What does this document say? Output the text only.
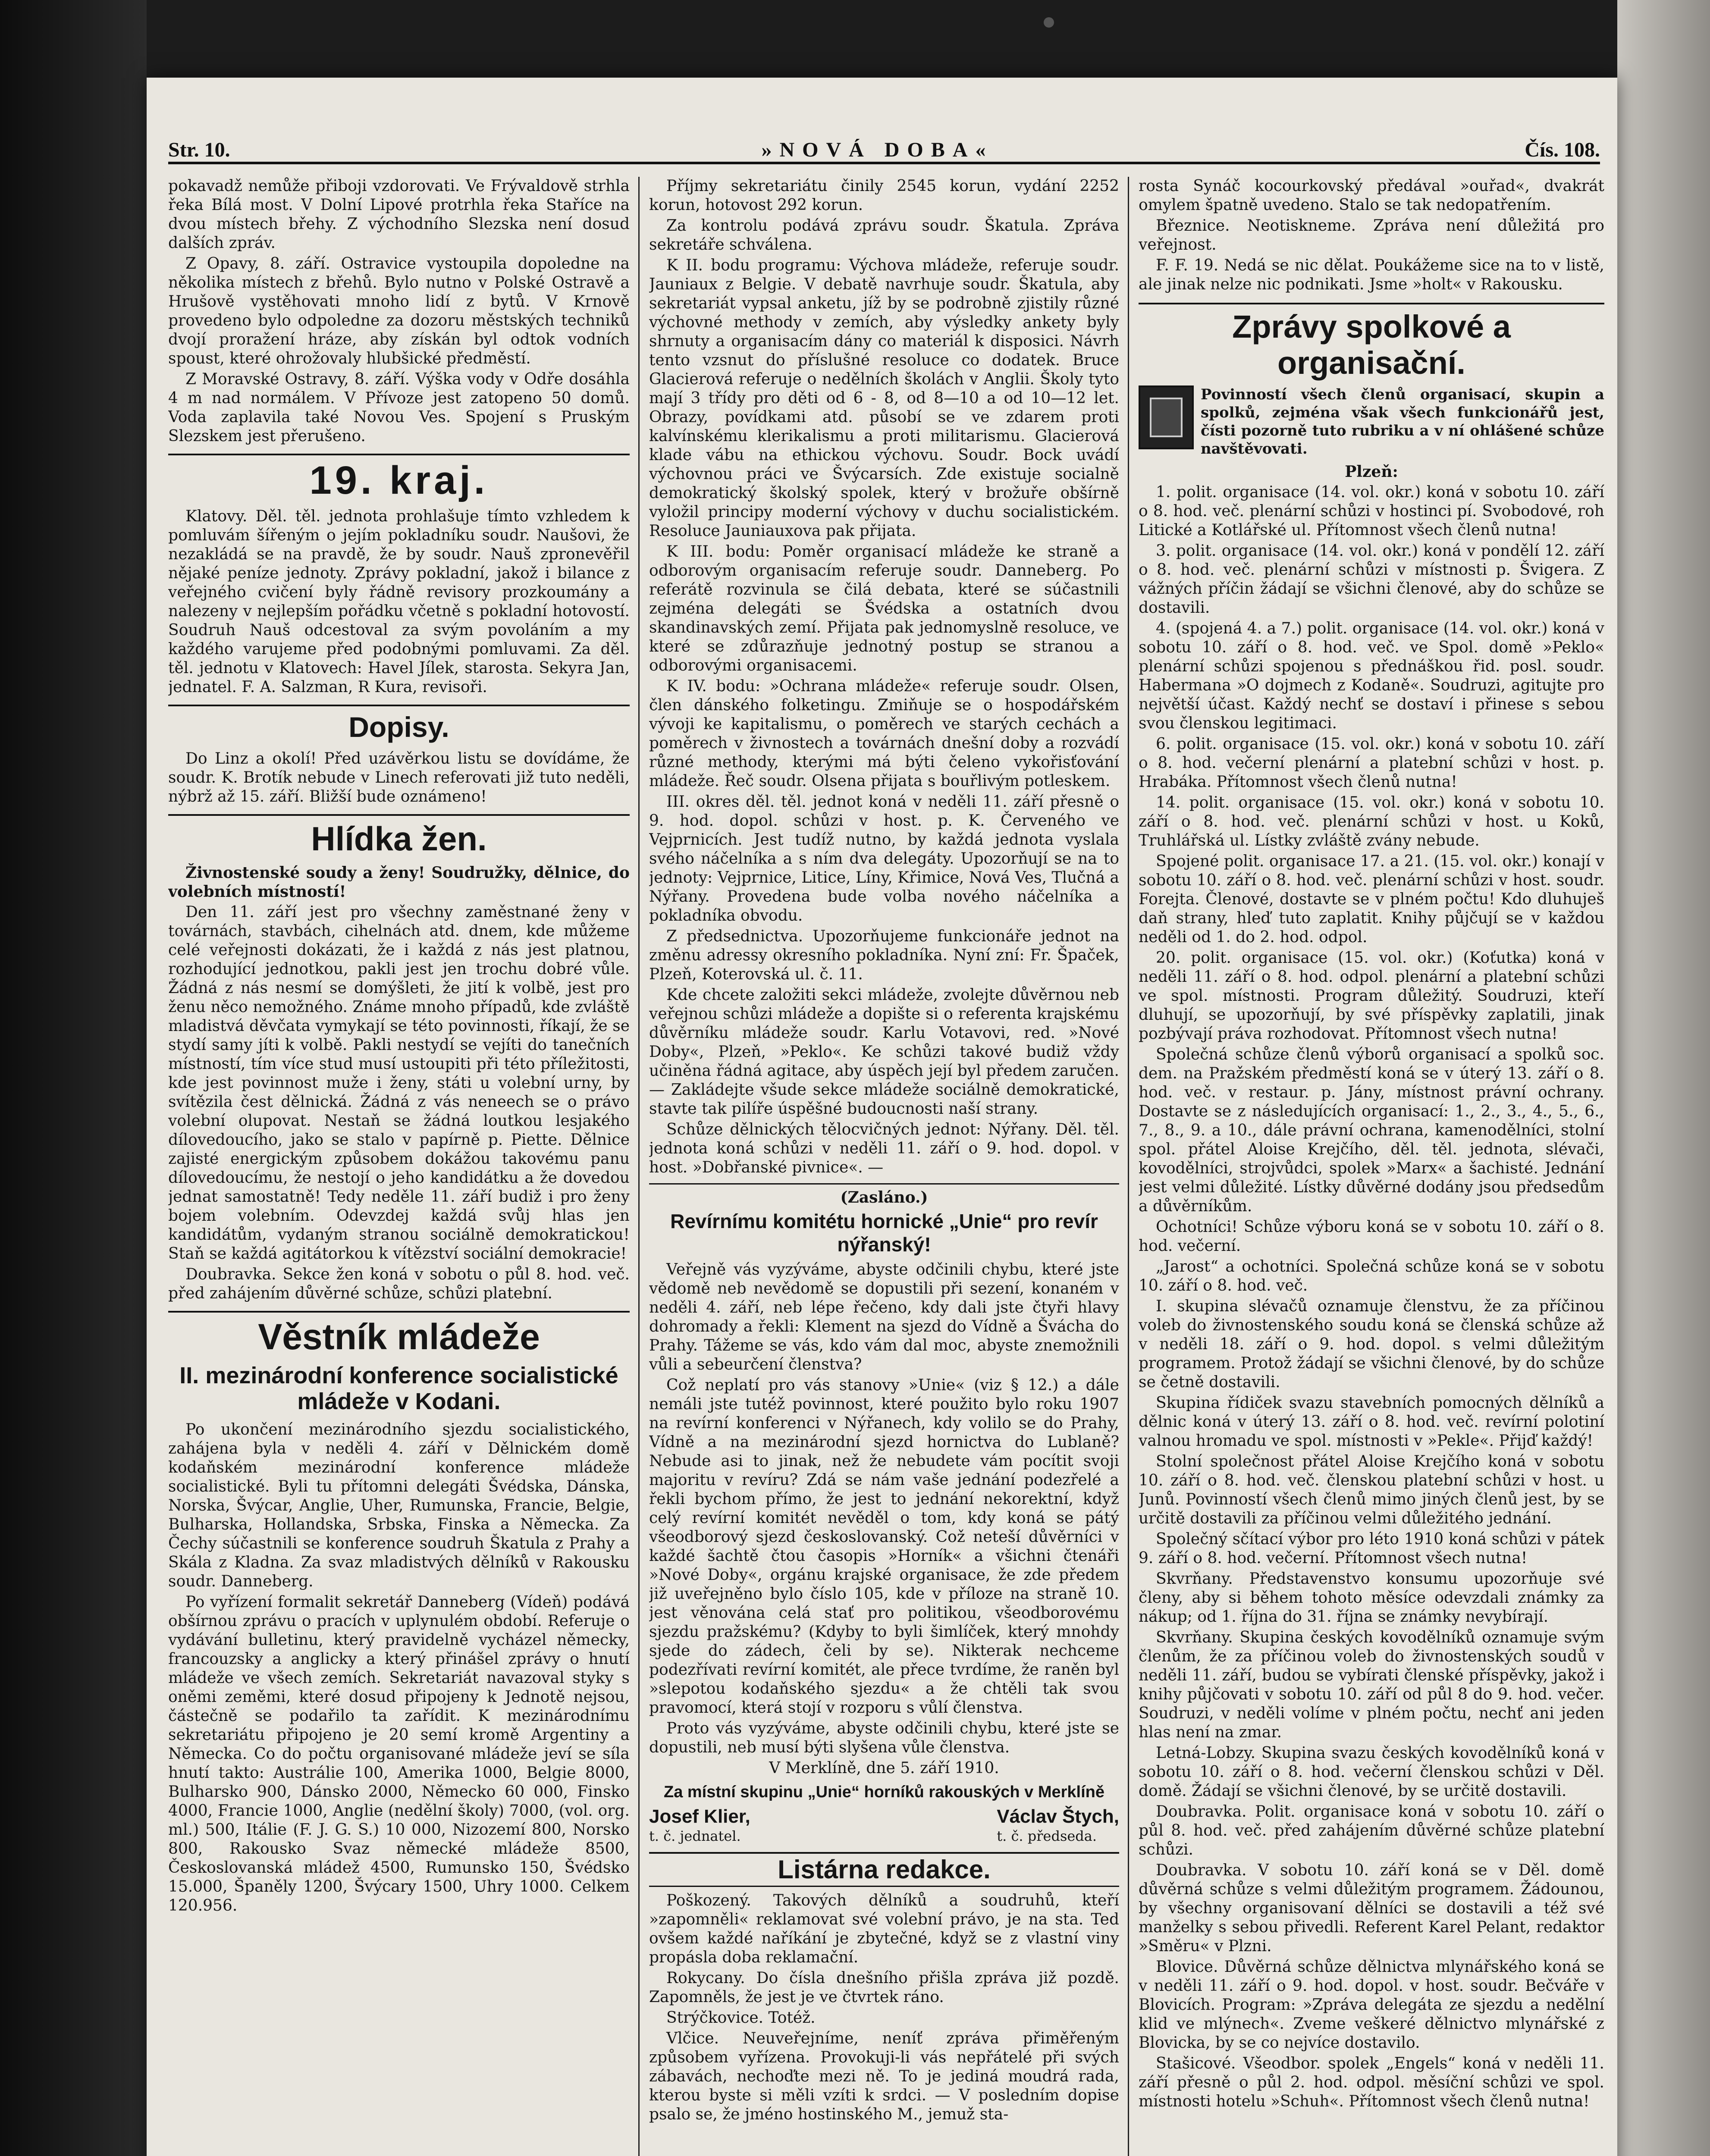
Str. 10.	»NOVÁ DOBA«	Čís. 108.

pokavadž nemůže přiboji vzdorovati. Ve Frývaldově strhla řeka Bílá most. V Dolní Lipové protrhla řeka Staříce na dvou místech břehy. Z východního Slezska není dosud dalších zpráv.

Z Opavy, 8. září. Ostravice vystoupila dopoledne na několika místech z břehů. Bylo nutno v Polské Ostravě a Hrušově vystěhovati mnoho lidí z bytů. V Krnově provedeno bylo odpoledne za dozoru městských techniků dvojí proražení hráze, aby získán byl odtok vodních spoust, které ohrožovaly hlubšické předměstí.

Z Moravské Ostravy, 8. září. Výška vody v Odře dosáhla 4 m nad normálem. V Přívoze jest zatopeno 50 domů. Voda zaplavila také Novou Ves. Spojení s Pruským Slezskem jest přerušeno.

19. kraj.

Klatovy. Děl. těl. jednota prohlašuje tímto vzhledem k pomluvám šířeným o jejím pokladníku soudr. Naušovi, že nezakládá se na pravdě, že by soudr. Nauš zpronevěřil nějaké peníze jednoty. Zprávy pokladní, jakož i bilance z veřejného cvičení byly řádně revisory prozkoumány a nalezeny v nejlepším pořádku včetně s pokladní hotovostí. Soudruh Nauš odcestoval za svým povoláním a my každého varujeme před podobnými pomluvami. Za děl. těl. jednotu v Klatovech: Havel Jílek, starosta. Sekyra Jan, jednatel. F. A. Salzman, R Kura, revisoři.

Dopisy.

Do Linz a okolí! Před uzávěrkou listu se dovídáme, že soudr. K. Brotík nebude v Linech referovati již tuto neděli, nýbrž až 15. září. Bližší bude oznámeno!

Hlídka žen.

Živnostenské soudy a ženy! Soudružky, dělnice, do volebních místností!

Den 11. září jest pro všechny zaměstnané ženy v továrnách, stavbách, cihelnách atd. dnem, kde můžeme celé veřejnosti dokázati, že i každá z nás jest platnou, rozhodující jednotkou, pakli jest jen trochu dobré vůle. Žádná z nás nesmí se domýšleti, že jití k volbě, jest pro ženu něco nemožného. Známe mnoho případů, kde zvláště mladistvá děvčata vymykají se této povinnosti, říkají, že se stydí samy jíti k volbě. Pakli nestydí se vejíti do tanečních místností, tím více stud musí ustoupiti při této příležitosti, kde jest povinnost muže i ženy, státi u volební urny, by svítězila čest dělnická. Žádná z vás neneech se o právo volební olupovat. Nestaň se žádná loutkou lesjakého dílovedoucího, jako se stalo v papírně p. Piette. Dělnice zajisté energickým způsobem dokážou takovému panu dílovedoucímu, že nestojí o jeho kandidátku a že dovedou jednat samostatně! Tedy neděle 11. září budiž i pro ženy bojem volebním. Odevzdej každá svůj hlas jen kandidátům, vydaným stranou sociálně demokratickou! Staň se každá agitátorkou k vítězství sociální demokracie!

Doubravka. Sekce žen koná v sobotu o půl 8. hod. več. před zahájením důvěrné schůze, schůzi platební.

Věstník mládeže
II. mezinárodní konference socialistické mládeže v Kodani.

Po ukončení mezinárodního sjezdu socialistického, zahájena byla v neděli 4. září v Dělnickém domě kodaňském mezinárodní konference mládeže socialistické. Byli tu přítomni delegáti Švédska, Dánska, Norska, Švýcar, Anglie, Uher, Rumunska, Francie, Belgie, Bulharska, Hollandska, Srbska, Finska a Německa. Za Čechy súčastnili se konference soudruh Škatula z Prahy a Skála z Kladna. Za svaz mladistvých dělníků v Rakousku soudr. Danneberg.

Po vyřízení formalit sekretář Danneberg (Vídeň) podává obšírnou zprávu o pracích v uplynulém období. Referuje o vydávání bulletinu, který pravidelně vycházel německy, francouzsky a anglicky a který přinášel zprávy o hnutí mládeže ve všech zemích. Sekretariát navazoval styky s oněmi zeměmi, které dosud připojeny k Jednotě nejsou, částečně se podařilo ta zařídit. K mezinárodnímu sekretariátu připojeno je 20 semí kromě Argentiny a Německa. Co do počtu organisované mládeže jeví se síla hnutí takto: Austrálie 100, Amerika 1000, Belgie 8000, Bulharsko 900, Dánsko 2000, Německo 60 000, Finsko 4000, Francie 1000, Anglie (nedělní školy) 7000, (vol. org. ml.) 500, Itálie (F. J. G. S.) 10 000, Nizozemí 800, Norsko 800, Rakousko Svaz německé mládeže 8500, Českoslovanská mládež 4500, Rumunsko 150, Švédsko 15.000, Španěly 1200, Švýcary 1500, Uhry 1000. Celkem 120.956.

Příjmy sekretariátu činily 2545 korun, vydání 2252 korun, hotovost 292 korun.

Za kontrolu podává zprávu soudr. Škatula. Zpráva sekretáře schválena.

K II. bodu programu: Výchova mládeže, referuje soudr. Jauniaux z Belgie. V debatě navrhuje soudr. Škatula, aby sekretariát vypsal anketu, jíž by se podrobně zjistily různé výchovné methody v zemích, aby výsledky ankety byly shrnuty a organisacím dány co materiál k disposici. Návrh tento vzsnut do příslušné resoluce co dodatek. Bruce Glacierová referuje o nedělních školách v Anglii. Školy tyto mají 3 třídy pro děti od 6 - 8, od 8—10 a od 10—12 let. Obrazy, povídkami atd. působí se ve zdarem proti kalvínskému klerikalismu a proti militarismu. Glacierová klade vábu na ethickou výchovu. Soudr. Bock uvádí výchovnou práci ve Švýcarsích. Zde existuje socialně demokratický školský spolek, který v brožuře obšírně vyložil principy moderní výchovy v duchu socialistickém. Resoluce Jauniauxova pak přijata.

K III. bodu: Poměr organisací mládeže ke straně a odborovým organisacím referuje soudr. Danneberg. Po referátě rozvinula se čilá debata, které se súčastnili zejména delegáti se Švédska a ostatních dvou skandinavských zemí. Přijata pak jednomyslně resoluce, ve které se zdůrazňuje jednotný postup se stranou a odborovými organisacemi.

K IV. bodu: »Ochrana mládeže« referuje soudr. Olsen, člen dánského folketingu. Zmiňuje se o hospodářském vývoji ke kapitalismu, o poměrech ve starých cechách a poměrech v živnostech a továrnách dnešní doby a rozvádí různé methody, kterými má býti čeleno vykořisťování mládeže. Řeč soudr. Olsena přijata s bouřlivým potleskem.

III. okres děl. těl. jednot koná v neděli 11. září přesně o 9. hod. dopol. schůzi v host. p. K. Červeného ve Vejprnicích. Jest tudíž nutno, by každá jednota vyslala svého náčelníka a s ním dva delegáty. Upozorňují se na to jednoty: Vejprnice, Litice, Líny, Křimice, Nová Ves, Tlučná a Nýřany. Provedena bude volba nového náčelníka a pokladníka obvodu.

Z předsednictva. Upozorňujeme funkcionáře jednot na změnu adressy okresního pokladníka. Nyní zní: Fr. Špaček, Plzeň, Koterovská ul. č. 11.

Kde chcete založiti sekci mládeže, zvolejte důvěrnou neb veřejnou schůzi mládeže a dopište si o referenta krajskému důvěrníku mládeže soudr. Karlu Votavovi, red. »Nové Doby«, Plzeň, »Peklo«. Ke schůzi takové budiž vždy učiněna řádná agitace, aby úspěch její byl předem zaručen. — Zakládejte všude sekce mládeže sociálně demokratické, stavte tak pilíře úspěšné budoucnosti naší strany.

Schůze dělnických tělocvičných jednot: Nýřany. Děl. těl. jednota koná schůzi v neděli 11. září o 9. hod. dopol. v host. »Dobřanské pivnice«. —

(Zasláno.)
Revírnímu komitétu hornické „Unie“ pro revír nýřanský!

Veřejně vás vyzýváme, abyste odčinili chybu, které jste vědomě neb nevědomě se dopustili při sezení, konaném v neděli 4. září, neb lépe řečeno, kdy dali jste čtyři hlavy dohromady a řekli: Klement na sjezd do Vídně a Švácha do Prahy. Tážeme se vás, kdo vám dal moc, abyste znemožnili vůli a sebeurčení členstva?

Což neplatí pro vás stanovy »Unie« (viz § 12.) a dále nemáli jste tutéž povinnost, které použito bylo roku 1907 na revírní konferenci v Nýřanech, kdy volilo se do Prahy, Vídně a na mezinárodní sjezd hornictva do Lublaně? Nebude asi to jinak, než že nebudete vám pocítit svoji majoritu v revíru? Zdá se nám vaše jednání podezřelé a řekli bychom přímo, že jest to jednání nekorektní, když celý revírní komitét nevěděl o tom, kdy koná se pátý všeodborový sjezd českoslovanský. Což neteší důvěrníci v každé šachtě čtou časopis »Horník« a všichni čtenáři »Nové Doby«, orgánu krajské organisace, že zde předem již uveřejněno bylo číslo 105, kde v příloze na straně 10. jest věnována celá stať pro politikou, všeodborovému sjezdu pražskému? (Kdyby to byli šimlíček, který mnohdy sjede do zádech, čeli by se). Nikterak nechceme podezřívati revírní komitét, ale přece tvrdíme, že raněn byl »slepotou kodaňského sjezdu« a že chtěli tak svou pravomocí, která stojí v rozporu s vůlí členstva.

Proto vás vyzýváme, abyste odčinili chybu, které jste se dopustili, neb musí býti slyšena vůle členstva.

V Merklíně, dne 5. září 1910.

Za místní skupinu „Unie“ horníků rakouských v Merklíně
Josef Klier,
t. č. jednatel.
Václav Štych,
t. č. předseda.
Listárna redakce.

Poškozený. Takových dělníků a soudruhů, kteří »zapomněli« reklamovat své volební právo, je na sta. Ted ovšem každé naříkání je zbytečné, když se z vlastní viny propásla doba reklamační.

Rokycany. Do čísla dnešního přišla zpráva již pozdě. Zapomněls, že jest je ve čtvrtek ráno.

Strýčkovice. Totéž.

Vlčice. Neuveřejníme, neníť zpráva přiměřeným způsobem vyřízena. Provokuji-li vás nepřátelé při svých zábavách, nechoďte mezi ně. To je jediná moudrá rada, kterou byste si měli vzíti k srdci. — V posledním dopise psalo se, že jméno hostinského M., jemuž sta-

rosta Synáč kocourkovský předával »ouřad«, dvakrát omylem špatně uvedeno. Stalo se tak nedopatřením.

Březnice. Neotiskneme. Zpráva není důležitá pro veřejnost.

F. F. 19. Nedá se nic dělat. Poukážeme sice na to v listě, ale jinak nelze nic podnikati. Jsme »holt« v Rakousku.

Zprávy spolkové a organisační.
Povinností všech členů organisací, skupin a spolků, zejména však všech funkcionářů jest, čísti pozorně tuto rubriku a v ní ohlášené schůze navštěvovati.

Plzeň:

1. polit. organisace (14. vol. okr.) koná v sobotu 10. září o 8. hod. več. plenární schůzi v hostinci pí. Svobodové, roh Litické a Kotlářské ul. Přítomnost všech členů nutna!

3. polit. organisace (14. vol. okr.) koná v pondělí 12. září o 8. hod. več. plenární schůzi v místnosti p. Švigera. Z vážných příčin žádají se všichni členové, aby do schůze se dostavili.

4. (spojená 4. a 7.) polit. organisace (14. vol. okr.) koná v sobotu 10. září o 8. hod. več. ve Spol. domě »Peklo« plenární schůzi spojenou s přednáškou řid. posl. soudr. Habermana »O dojmech z Kodaně«. Soudruzi, agitujte pro největší účast. Každý nechť se dostaví i přinese s sebou svou členskou legitimaci.

6. polit. organisace (15. vol. okr.) koná v sobotu 10. září o 8. hod. večerní plenární a platební schůzi v host. p. Hrabáka. Přítomnost všech členů nutna!

14. polit. organisace (15. vol. okr.) koná v sobotu 10. září o 8. hod. več. plenární schůzi v host. u Koků, Truhlářská ul. Lístky zvláště zvány nebude.

Spojené polit. organisace 17. a 21. (15. vol. okr.) konají v sobotu 10. září o 8. hod. več. plenární schůzi v host. soudr. Forejta. Členové, dostavte se v plném počtu! Kdo dluhuješ daň strany, hleď tuto zaplatit. Knihy půjčují se v každou neděli od 1. do 2. hod. odpol.

20. polit. organisace (15. vol. okr.) (Koťutka) koná v neděli 11. září o 8. hod. odpol. plenární a platební schůzi ve spol. místnosti. Program důležitý. Soudruzi, kteří dluhují, se upozorňují, by své příspěvky zaplatili, jinak pozbývají práva rozhodovat. Přítomnost všech nutna!

Společná schůze členů výborů organisací a spolků soc. dem. na Pražském předměstí koná se v úterý 13. září o 8. hod. več. v restaur. p. Jány, místnost právní ochrany. Dostavte se z následujících organisací: 1., 2., 3., 4., 5., 6., 7., 8., 9. a 10., dále právní ochrana, kamenodělníci, stolní spol. přátel Aloise Krejčího, děl. těl. jednota, slévači, kovodělníci, strojvůdci, spolek »Marx« a šachisté. Jednání jest velmi důležité. Lístky důvěrné dodány jsou předsedům a důvěrníkům.

Ochotníci! Schůze výboru koná se v sobotu 10. září o 8. hod. večerní.

„Jarost“ a ochotníci. Společná schůze koná se v sobotu 10. září o 8. hod. več.

I. skupina slévačů oznamuje členstvu, že za příčinou voleb do živnostenského soudu koná se členská schůze až v neděli 18. září o 9. hod. dopol. s velmi důležitým programem. Protož žádají se všichni členové, by do schůze se četně dostavili.

Skupina řídiček svazu stavebních pomocných dělníků a dělnic koná v úterý 13. září o 8. hod. več. revírní polotiní valnou hromadu ve spol. místnosti v »Pekle«. Přijď každý!

Stolní společnost přátel Aloise Krejčího koná v sobotu 10. září o 8. hod. več. členskou platební schůzi v host. u Junů. Povinností všech členů mimo jiných členů jest, by se určitě dostavili za příčinou velmi důležitého jednání.

Společný sčítací výbor pro léto 1910 koná schůzi v pátek 9. září o 8. hod. večerní. Přítomnost všech nutna!

Skvrňany. Představenstvo konsumu upozorňuje své členy, aby si během tohoto měsíce odevzdali známky za nákup; od 1. října do 31. října se známky nevybírají.

Skvrňany. Skupina českých kovodělníků oznamuje svým členům, že za příčinou voleb do živnostenských soudů v neděli 11. září, budou se vybírati členské příspěvky, jakož i knihy půjčovati v sobotu 10. září od půl 8 do 9. hod. večer. Soudruzi, v neděli volíme v plném počtu, nechť ani jeden hlas není na zmar.

Letná-Lobzy. Skupina svazu českých kovodělníků koná v sobotu 10. září o 8. hod. večerní členskou schůzi v Děl. domě. Žádají se všichni členové, by se určitě dostavili.

Doubravka. Polit. organisace koná v sobotu 10. září o půl 8. hod. več. před zahájením důvěrné schůze platební schůzi.

Doubravka. V sobotu 10. září koná se v Děl. domě důvěrná schůze s velmi důležitým programem. Žádounou, by všechny organisovaní dělníci se dostavili a též své manželky s sebou přivedli. Referent Karel Pelant, redaktor »Směru« v Plzni.

Blovice. Důvěrná schůze dělnictva mlynářského koná se v neděli 11. září o 9. hod. dopol. v host. soudr. Bečváře v Blovicích. Program: »Zpráva delegáta ze sjezdu a nedělní klid ve mlýnech«. Zveme veškeré dělnictvo mlynářské z Blovicka, by se co nejvíce dostavilo.

Stašicové. Všeodbor. spolek „Engels“ koná v neděli 11. září přesně o půl 2. hod. odpol. měsíční schůzi ve spol. místnosti hotelu »Schuh«. Přítomnost všech členů nutna!
